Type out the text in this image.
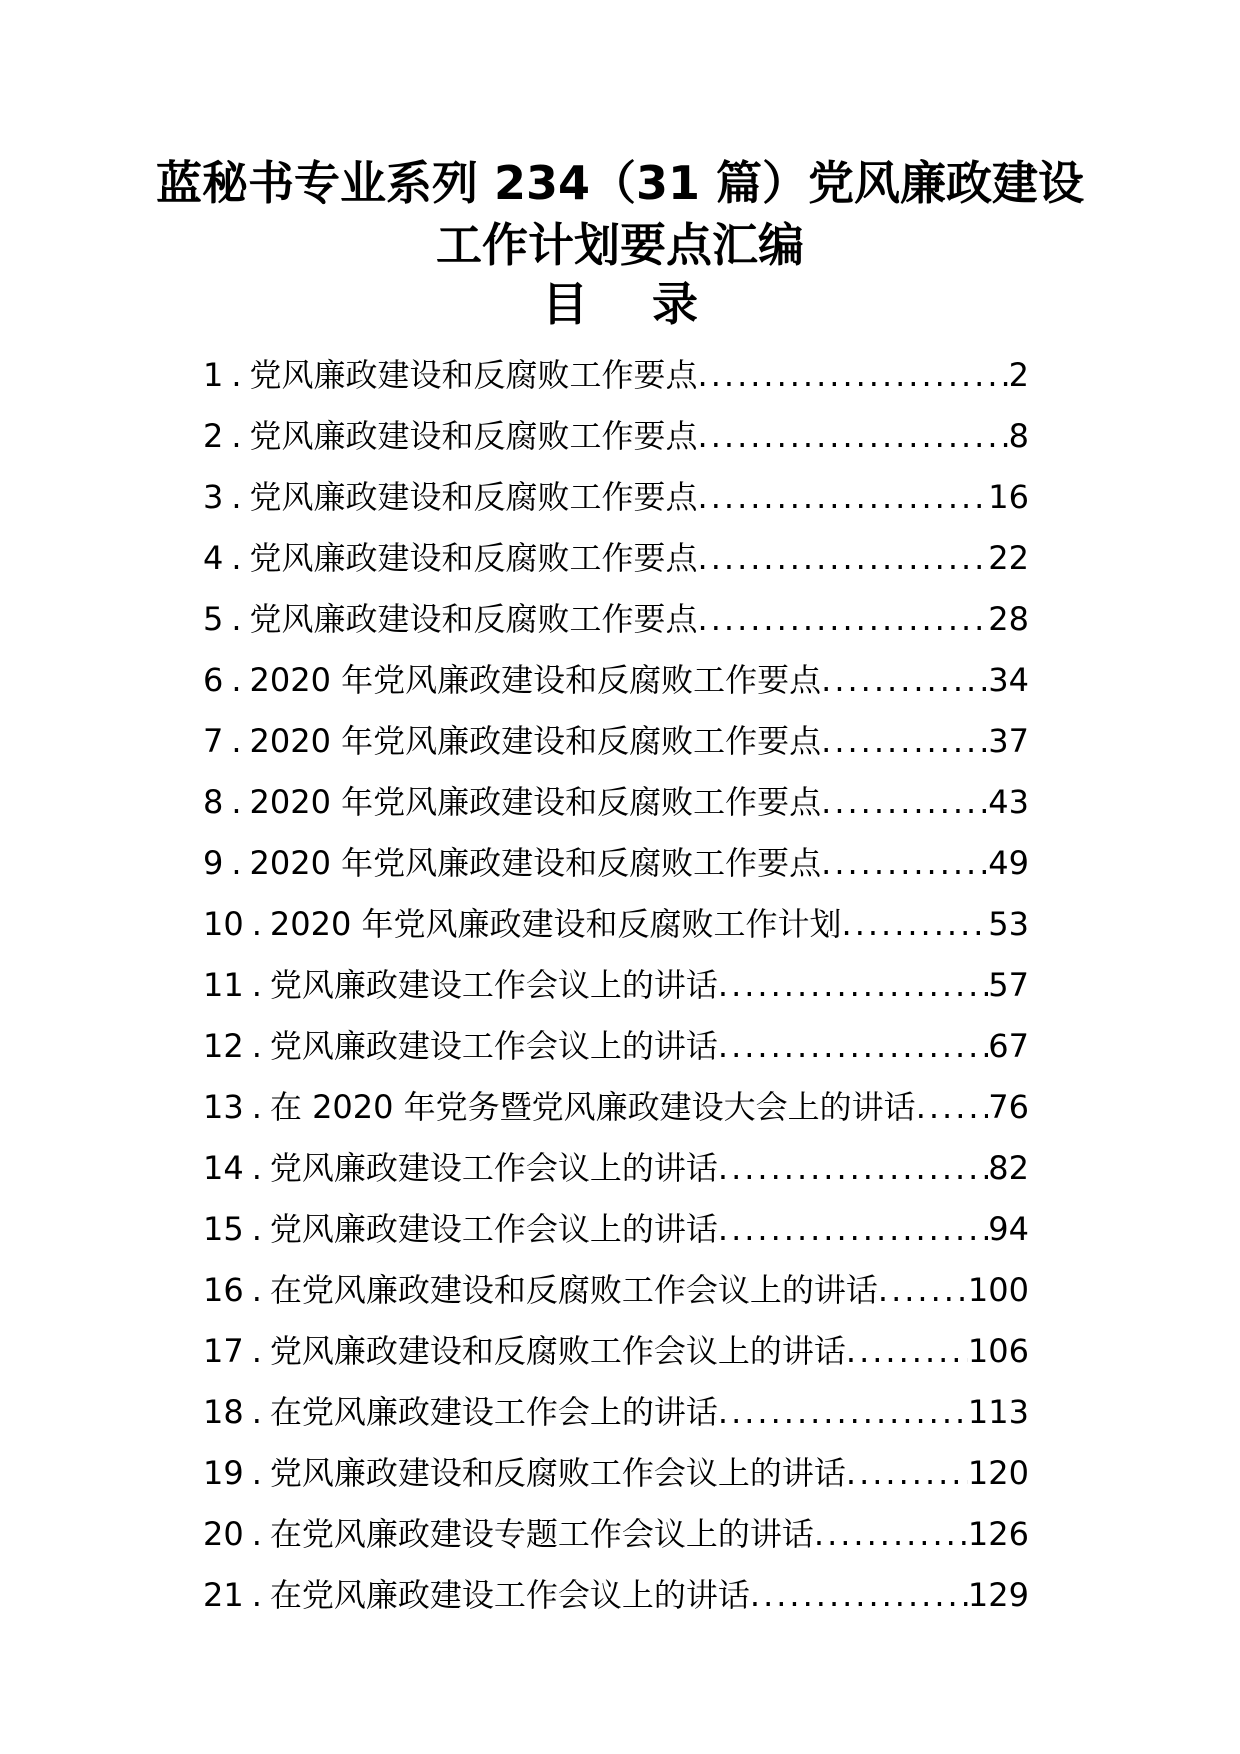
蓝秘书专业系列 234（31 篇）党风廉政建设
工作计划要点汇编
目    录
1 . 党风廉政建设和反腐败工作要点 .....	2
2 . 党风廉政建设和反腐败工作要点 .....	8
3 . 党风廉政建设和反腐败工作要点 .....	16
4 . 党风廉政建设和反腐败工作要点 .....	22
5 . 党风廉政建设和反腐败工作要点 .....	28
6 . 2020 年党风廉政建设和反腐败工作要点 .....	34
7 . 2020 年党风廉政建设和反腐败工作要点 .....	37
8 . 2020 年党风廉政建设和反腐败工作要点 .....	43
9 . 2020 年党风廉政建设和反腐败工作要点 .....	49
10 . 2020 年党风廉政建设和反腐败工作计划 .....	53
11 . 党风廉政建设工作会议上的讲话 .....	57
12 . 党风廉政建设工作会议上的讲话 .....	67
13 . 在 2020 年党务暨党风廉政建设大会上的讲话 ..... 76
14 . 党风廉政建设工作会议上的讲话 .....	82
15 . 党风廉政建设工作会议上的讲话 .....	94
16 . 在党风廉政建设和反腐败工作会议上的讲话 .....	100
17 . 党风廉政建设和反腐败工作会议上的讲话 .....	106
18 . 在党风廉政建设工作会上的讲话 .....	113
19 . 党风廉政建设和反腐败工作会议上的讲话 .....	120
20 . 在党风廉政建设专题工作会议上的讲话 .....	126
21 . 在党风廉政建设工作会议上的讲话 .....	129
